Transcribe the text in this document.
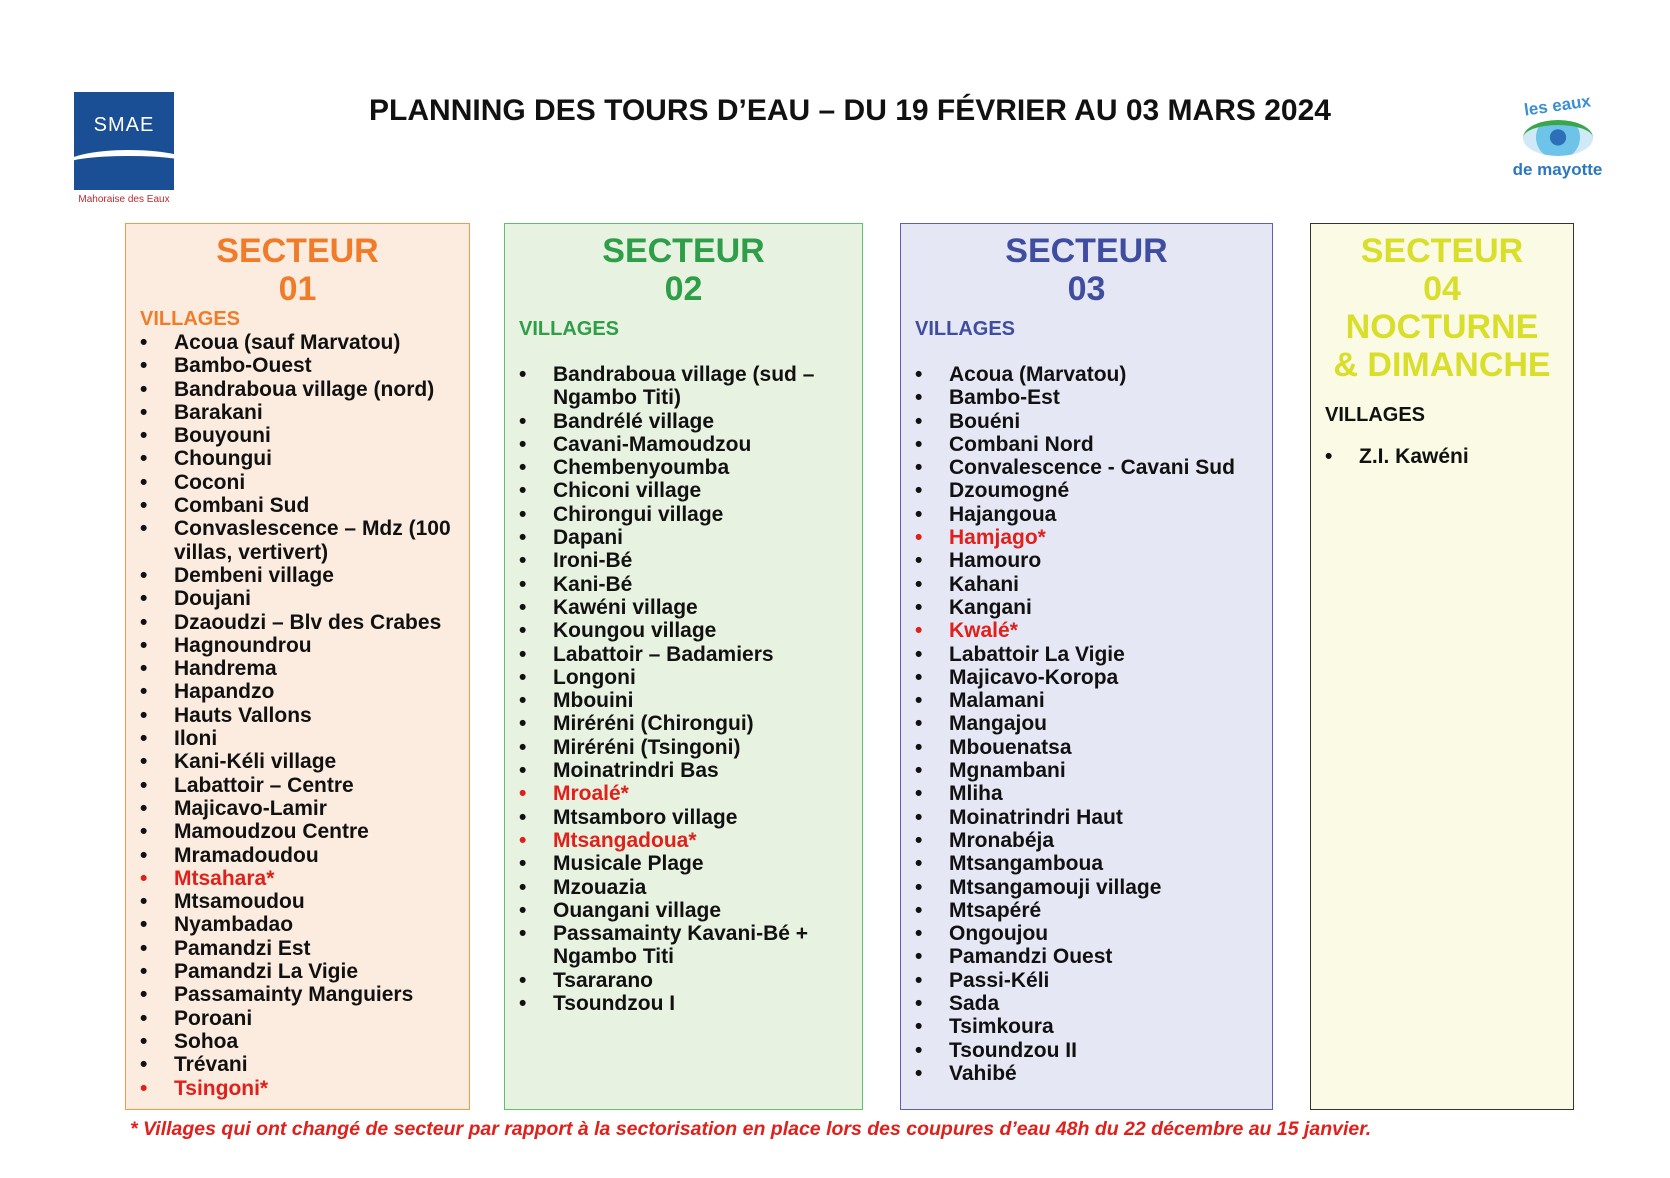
SMAE
Mahoraise des Eaux
PLANNING DES TOURS D’EAU – DU 19 FÉVRIER AU 03 MARS 2024	les eaux
de mayotte
SECTEUR
01
VILLAGES
• Acoua (sauf Marvatou)
• Bambo-Ouest
• Bandraboua village (nord)
• Barakani
• Bouyouni
• Choungui
• Coconi
• Combani Sud
• Convaslescence – Mdz (100 villas, vertivert)
• Dembeni village
• Doujani
• Dzaoudzi – Blv des Crabes
• Hagnoundrou
• Handrema
• Hapandzo
• Hauts Vallons
• Iloni
• Kani-Kéli village
• Labattoir – Centre
• Majicavo-Lamir
• Mamoudzou Centre
• Mramadoudou
• Mtsahara*
• Mtsamoudou
• Nyambadao
• Pamandzi Est
• Pamandzi La Vigie
• Passamainty Manguiers
• Poroani
• Sohoa
• Trévani
• Tsingoni*
SECTEUR
02
VILLAGES
• Bandraboua village (sud – Ngambo Titi)
• Bandrélé village
• Cavani-Mamoudzou
• Chembenyoumba
• Chiconi village
• Chirongui village
• Dapani
• Ironi-Bé
• Kani-Bé
• Kawéni village
• Koungou village
• Labattoir – Badamiers
• Longoni
• Mbouini
• Miréréni (Chirongui)
• Miréréni (Tsingoni)
• Moinatrindri Bas
• Mroalé*
• Mtsamboro village
• Mtsangadoua*
• Musicale Plage
• Mzouazia
• Ouangani village
• Passamainty Kavani-Bé + Ngambo Titi
• Tsararano
• Tsoundzou I
SECTEUR
03
VILLAGES
• Acoua (Marvatou)
• Bambo-Est
• Bouéni
• Combani Nord
• Convalescence - Cavani Sud
• Dzoumogné
• Hajangoua
• Hamjago*
• Hamouro
• Kahani
• Kangani
• Kwalé*
• Labattoir La Vigie
• Majicavo-Koropa
• Malamani
• Mangajou
• Mbouenatsa
• Mgnambani
• Mliha
• Moinatrindri Haut
• Mronabéja
• Mtsangamboua
• Mtsangamouji village
• Mtsapéré
• Ongoujou
• Pamandzi Ouest
• Passi-Kéli
• Sada
• Tsimkoura
• Tsoundzou II
• Vahibé
SECTEUR
04
NOCTURNE
& DIMANCHE
VILLAGES
• Z.I. Kawéni
* Villages qui ont changé de secteur par rapport à la sectorisation en place lors des coupures d’eau 48h du 22 décembre au 15 janvier.
